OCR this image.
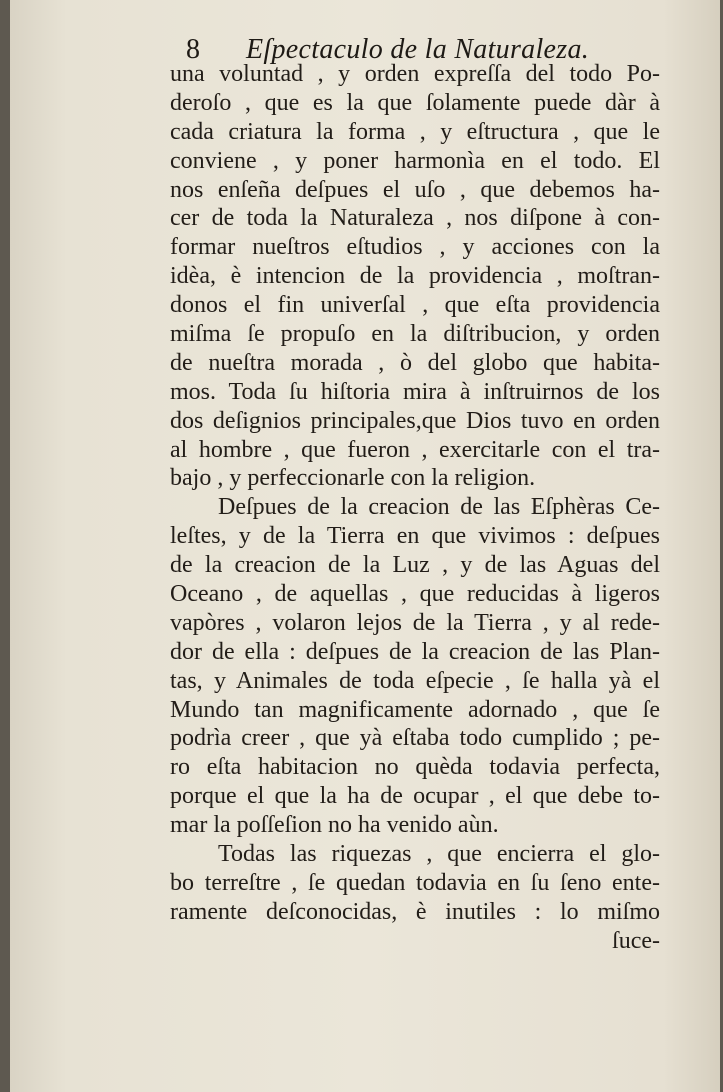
8 Eſpectaculo de la Naturaleza.
una voluntad , y orden expreſſa del todo Po-
deroſo , que es la que ſolamente puede dàr à
cada criatura la forma , y eſtructura , que le
conviene , y poner harmonìa en el todo. El
nos enſeña deſpues el uſo , que debemos ha-
cer de toda la Naturaleza , nos diſpone à con-
formar nueſtros eſtudios , y acciones con la
idèa, è intencion de la providencia , moſtran-
donos el fin univerſal , que eſta providencia
miſma ſe propuſo en la diſtribucion, y orden
de nueſtra morada , ò del globo que habita-
mos. Toda ſu hiſtoria mira à inſtruirnos de los
dos deſignios principales,que Dios tuvo en orden
al hombre , que fueron , exercitarle con el tra-
bajo , y perfeccionarle con la religion.
Deſpues de la creacion de las Eſphèras Ce-
leſtes, y de la Tierra en que vivimos : deſpues
de la creacion de la Luz , y de las Aguas del
Oceano , de aquellas , que reducidas à ligeros
vapòres , volaron lejos de la Tierra , y al rede-
dor de ella : deſpues de la creacion de las Plan-
tas, y Animales de toda eſpecie , ſe halla yà el
Mundo tan magnificamente adornado , que ſe
podrìa creer , que yà eſtaba todo cumplido ; pe-
ro eſta habitacion no quèda todavia perfecta,
porque el que la ha de ocupar , el que debe to-
mar la poſſeſion no ha venido aùn.
Todas las riquezas , que encierra el glo-
bo terreſtre , ſe quedan todavia en ſu ſeno ente-
ramente deſconocidas, è inutiles : lo miſmo
ſuce-
